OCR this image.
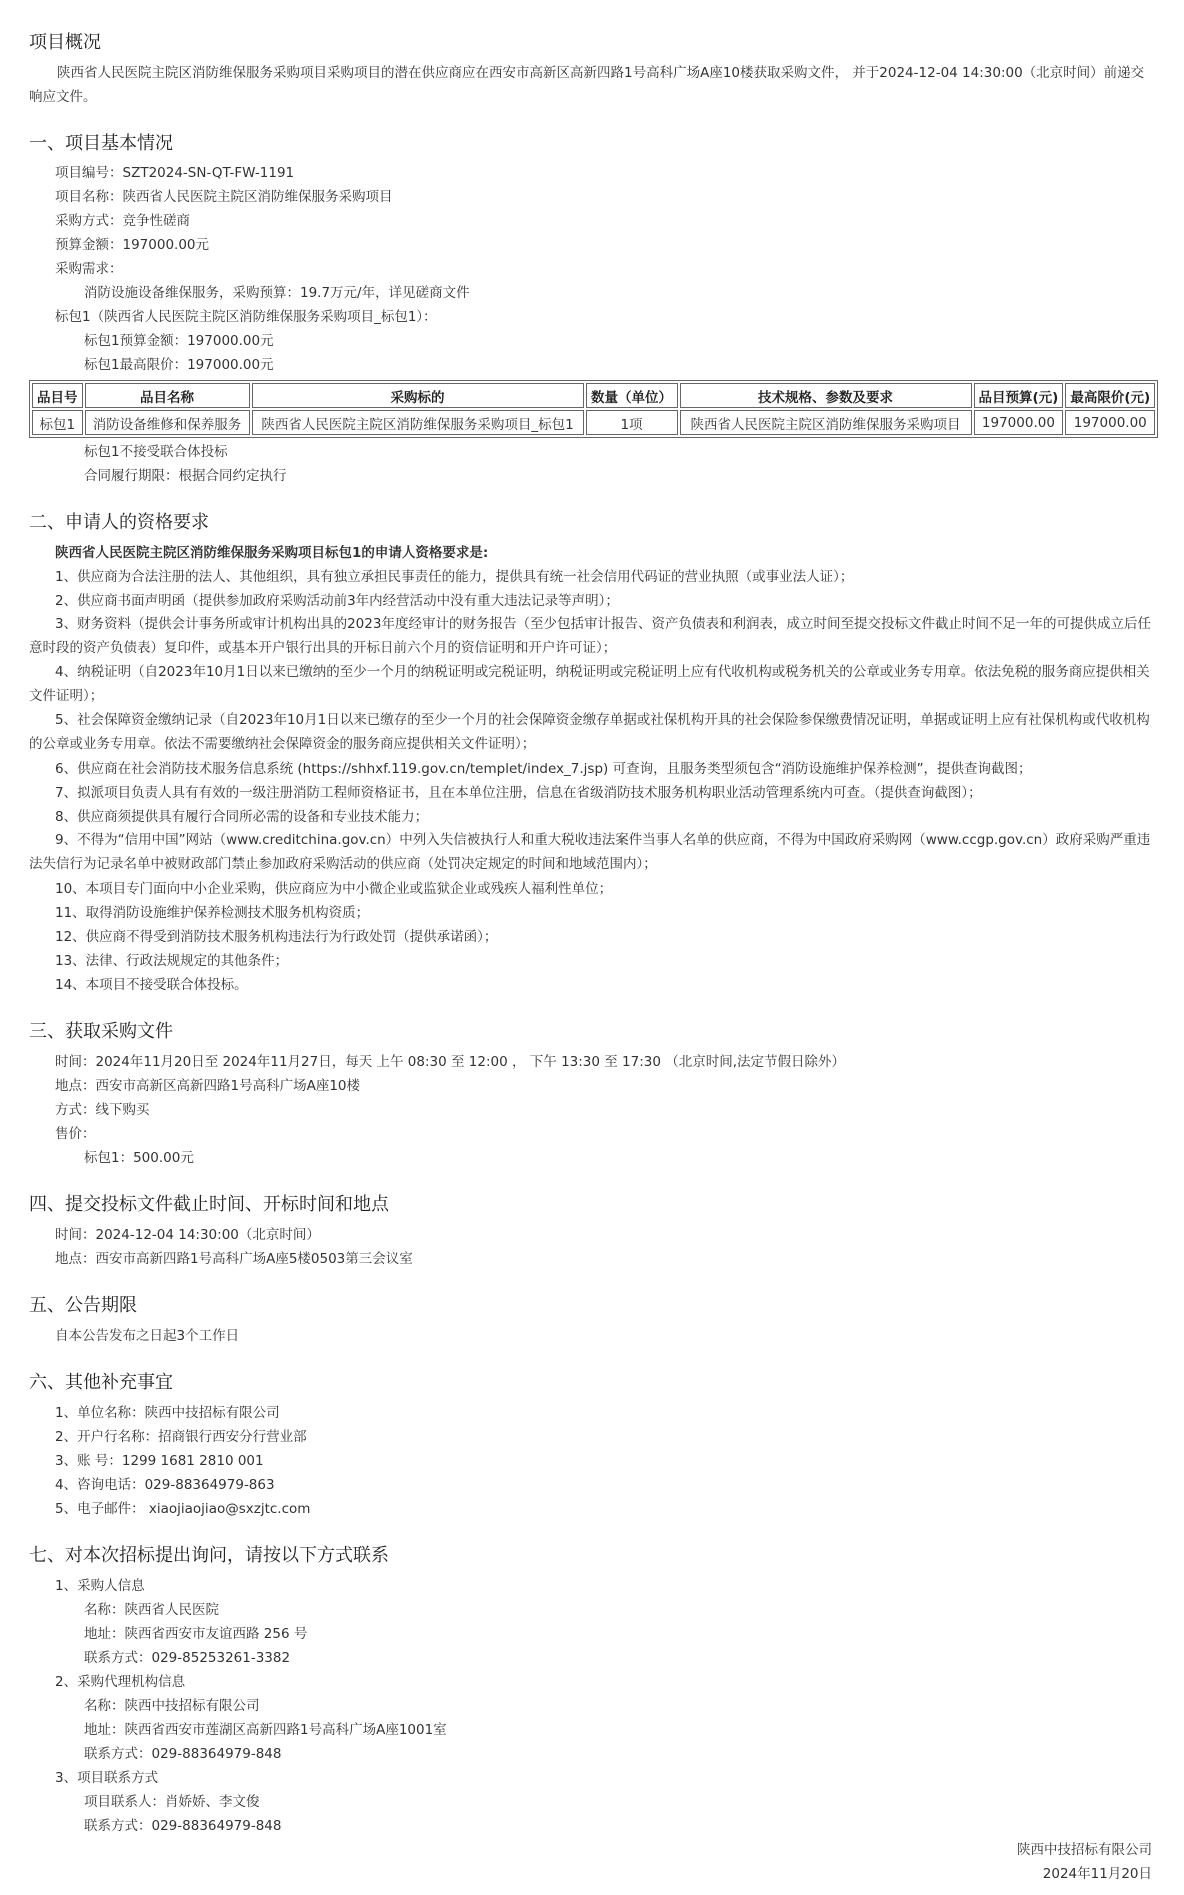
项目概况
陕西省人民医院主院区消防维保服务采购项目采购项目的潜在供应商应在西安市高新区高新四路1号高科广场A座10楼获取采购文件， 并于2024-12-04 14:30:00（北京时间）前递交响应文件。
一、项目基本情况
项目编号：SZT2024-SN-QT-FW-1191
项目名称：陕西省人民医院主院区消防维保服务采购项目
采购方式：竞争性磋商
预算金额：197000.00元
采购需求：
消防设施设备维保服务，采购预算：19.7万元/年，详见磋商文件
标包1（陕西省人民医院主院区消防维保服务采购项目_标包1）：
标包1预算金额：197000.00元
标包1最高限价：197000.00元
品目号	品目名称	采购标的	数量（单位）	技术规格、参数及要求	品目预算(元)	最高限价(元)
标包1	消防设备维修和保养服务	陕西省人民医院主院区消防维保服务采购项目_标包1	1项	陕西省人民医院主院区消防维保服务采购项目	197000.00	197000.00
标包1不接受联合体投标
合同履行期限：根据合同约定执行
二、申请人的资格要求
陕西省人民医院主院区消防维保服务采购项目标包1的申请人资格要求是:
1、供应商为合法注册的法人、其他组织，具有独立承担民事责任的能力，提供具有统一社会信用代码证的营业执照（或事业法人证）；
2、供应商书面声明函（提供参加政府采购活动前3年内经营活动中没有重大违法记录等声明）；
3、财务资料（提供会计事务所或审计机构出具的2023年度经审计的财务报告（至少包括审计报告、资产负债表和利润表，成立时间至提交投标文件截止时间不足一年的可提供成立后任意时段的资产负债表）复印件，或基本开户银行出具的开标日前六个月的资信证明和开户许可证）；
4、纳税证明（自2023年10月1日以来已缴纳的至少一个月的纳税证明或完税证明，纳税证明或完税证明上应有代收机构或税务机关的公章或业务专用章。依法免税的服务商应提供相关文件证明）；
5、社会保障资金缴纳记录（自2023年10月1日以来已缴存的至少一个月的社会保障资金缴存单据或社保机构开具的社会保险参保缴费情况证明，单据或证明上应有社保机构或代收机构的公章或业务专用章。依法不需要缴纳社会保障资金的服务商应提供相关文件证明）；
6、供应商在社会消防技术服务信息系统 (https://shhxf.119.gov.cn/templet/index_7.jsp) 可查询，且服务类型须包含“消防设施维护保养检测”，提供查询截图；
7、拟派项目负责人具有有效的一级注册消防工程师资格证书，且在本单位注册，信息在省级消防技术服务机构职业活动管理系统内可查。（提供查询截图）；
8、供应商须提供具有履行合同所必需的设备和专业技术能力；
9、不得为“信用中国”网站（www.creditchina.gov.cn）中列入失信被执行人和重大税收违法案件当事人名单的供应商，不得为中国政府采购网（www.ccgp.gov.cn）政府采购严重违法失信行为记录名单中被财政部门禁止参加政府采购活动的供应商（处罚决定规定的时间和地域范围内）；
10、本项目专门面向中小企业采购，供应商应为中小微企业或监狱企业或残疾人福利性单位；
11、取得消防设施维护保养检测技术服务机构资质；
12、供应商不得受到消防技术服务机构违法行为行政处罚（提供承诺函）；
13、法律、行政法规规定的其他条件；
14、本项目不接受联合体投标。
三、获取采购文件
时间：2024年11月20日至 2024年11月27日，每天 上午 08:30 至 12:00 ， 下午 13:30 至 17:30 （北京时间,法定节假日除外）
地点：西安市高新区高新四路1号高科广场A座10楼
方式：线下购买
售价：
标包1：500.00元
四、提交投标文件截止时间、开标时间和地点
时间：2024-12-04 14:30:00（北京时间）
地点：西安市高新四路1号高科广场A座5楼0503第三会议室
五、公告期限
自本公告发布之日起3个工作日
六、其他补充事宜
1、单位名称：陕西中技招标有限公司
2、开户行名称：招商银行西安分行营业部
3、账 号：1299 1681 2810 001
4、咨询电话：029-88364979-863
5、电子邮件： xiaojiaojiao@sxzjtc.com
七、对本次招标提出询问，请按以下方式联系
1、采购人信息
名称：陕西省人民医院
地址：陕西省西安市友谊西路 256 号
联系方式：029-85253261-3382
2、采购代理机构信息
名称：陕西中技招标有限公司
地址：陕西省西安市莲湖区高新四路1号高科广场A座1001室
联系方式：029-88364979-848
3、项目联系方式
项目联系人：肖娇娇、李文俊
联系方式：029-88364979-848
陕西中技招标有限公司
2024年11月20日
